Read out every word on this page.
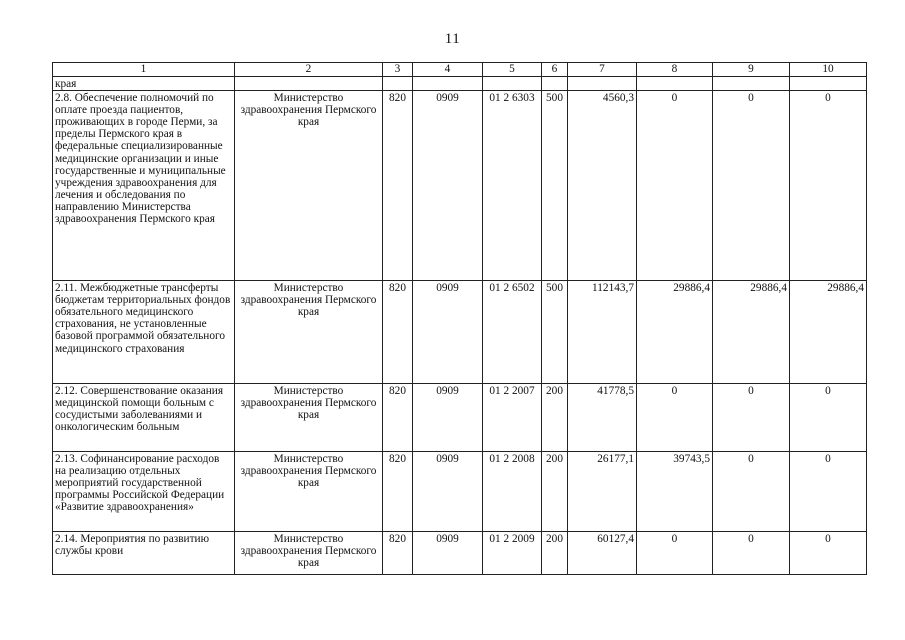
11
1	2	3	4	5	6	7	8	9	10
края									
2.8. Обеспечение полномочий по оплате проезда пациентов, проживающих в городе Перми, за пределы Пермского края в федеральные специализированные медицинские организации и иные государственные и муниципальные учреждения здравоохранения для лечения и обследования по направлению Министерства здравоохранения Пермского края	Министерство здравоохранения Пермского края	820	0909	01 2 6303	500	4560,3	0	0	0
2.11. Межбюджетные трансферты бюджетам территориальных фондов обязательного медицинского страхования, не установленные базовой программой обязательного медицинского страхования	Министерство здравоохранения Пермского края	820	0909	01 2 6502	500	112143,7	29886,4	29886,4	29886,4
2.12. Совершенствование оказания медицинской помощи больным с сосудистыми заболеваниями и онкологическим больным	Министерство здравоохранения Пермского края	820	0909	01 2 2007	200	41778,5	0	0	0
2.13. Софинансирование расходов на реализацию отдельных мероприятий государственной программы Российской Федерации «Развитие здравоохранения»	Министерство здравоохранения Пермского края	820	0909	01 2 2008	200	26177,1	39743,5	0	0
2.14. Мероприятия по развитию службы крови	Министерство здравоохранения Пермского края	820	0909	01 2 2009	200	60127,4	0	0	0
